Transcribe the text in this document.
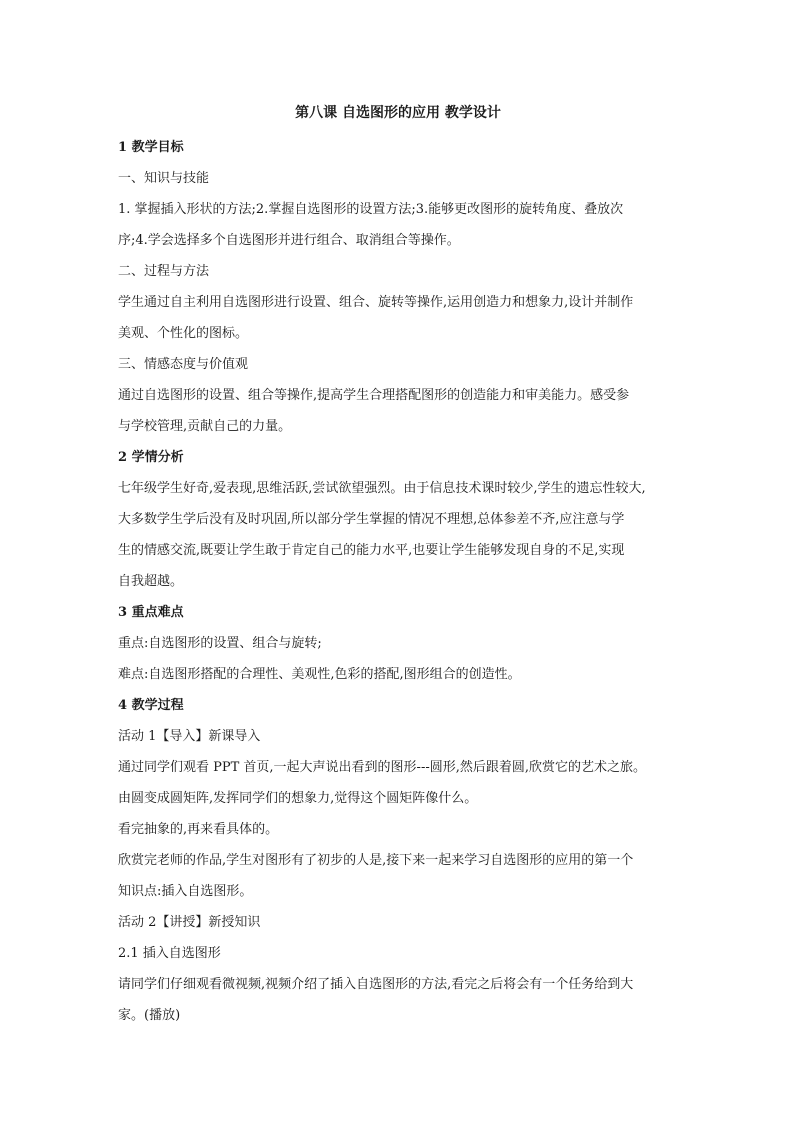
第八课 自选图形的应用 教学设计

1 教学目标

一、知识与技能

1. 掌握插入形状的方法;2.掌握自选图形的设置方法;3.能够更改图形的旋转角度、叠放次

序;4.学会选择多个自选图形并进行组合、取消组合等操作。

二、过程与方法

学生通过自主利用自选图形进行设置、组合、旋转等操作,运用创造力和想象力,设计并制作

美观、个性化的图标。

三、情感态度与价值观

通过自选图形的设置、组合等操作,提高学生合理搭配图形的创造能力和审美能力。感受参

与学校管理,贡献自己的力量。

2 学情分析

七年级学生好奇,爱表现,思维活跃,尝试欲望强烈。由于信息技术课时较少,学生的遗忘性较大,

大多数学生学后没有及时巩固,所以部分学生掌握的情况不理想,总体参差不齐,应注意与学

生的情感交流,既要让学生敢于肯定自己的能力水平,也要让学生能够发现自身的不足,实现

自我超越。

3 重点难点

重点:自选图形的设置、组合与旋转;

难点:自选图形搭配的合理性、美观性,色彩的搭配,图形组合的创造性。

4 教学过程

活动 1【导入】新课导入

通过同学们观看 PPT 首页,一起大声说出看到的图形---圆形,然后跟着圆,欣赏它的艺术之旅。

由圆变成圆矩阵,发挥同学们的想象力,觉得这个圆矩阵像什么。

看完抽象的,再来看具体的。

欣赏完老师的作品,学生对图形有了初步的人是,接下来一起来学习自选图形的应用的第一个

知识点:插入自选图形。

活动 2【讲授】新授知识

2.1 插入自选图形

请同学们仔细观看微视频,视频介绍了插入自选图形的方法,看完之后将会有一个任务给到大

家。(播放)
